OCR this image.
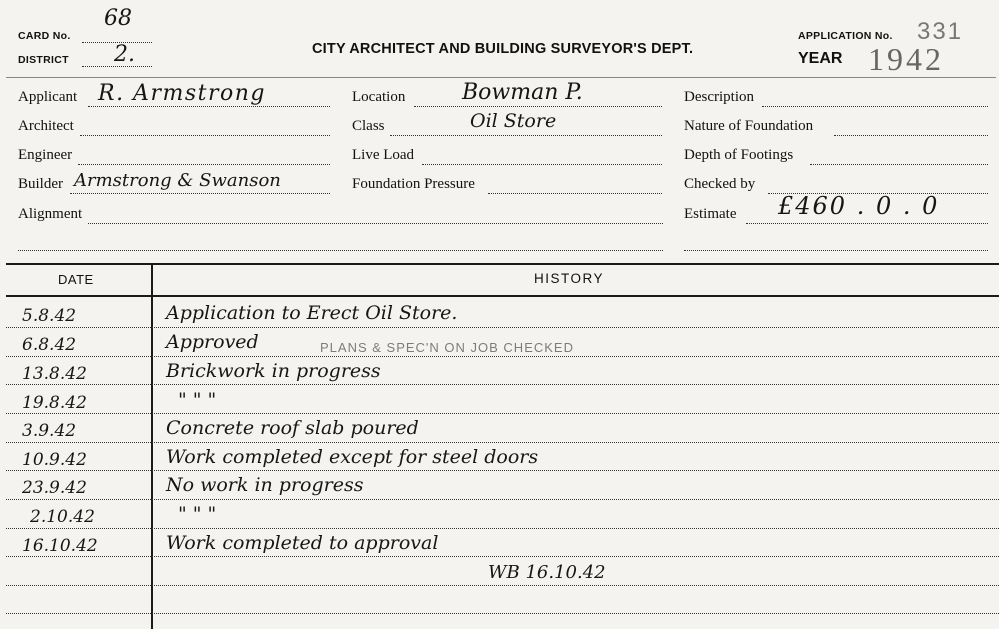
CARD No.
68
DISTRICT 2.	CITY ARCHITECT AND BUILDING SURVEYOR'S DEPT.
APPLICATION No. 331
YEAR 1942
Applicant R. Armstrong
Architect
Engineer
Builder Armstrong & Swanson
Alignment
Location	Bowman P.
Class	Oil Store
Live Load
Foundation Pressure
Description
Nature of Foundation
Depth of Footings
Checked by
Estimate £460 . 0 . 0
DATE	HISTORY
5.8.42	Application to Erect Oil Store.
6.8.42	Approved	PLANS & SPEC'N ON JOB CHECKED
13.8.42	Brickwork in progress
19.8.42	" " "
3.9.42	Concrete roof slab poured
10.9.42	Work completed except for steel doors
23.9.42	No work in progress
2.10.42	" " "
16.10.42	Work completed to approval
WB 16.10.42
